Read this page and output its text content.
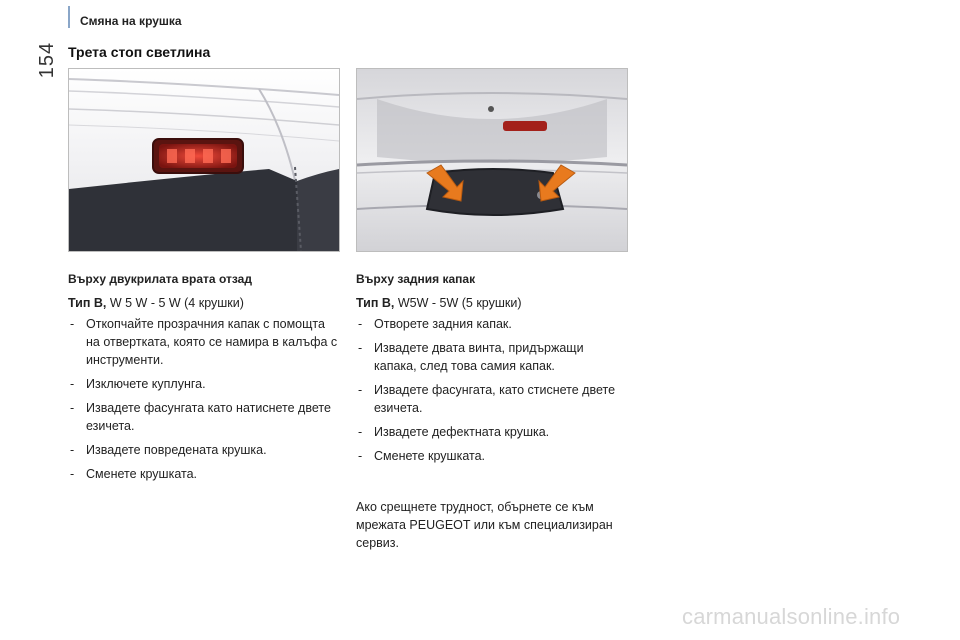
154
Смяна на крушка
Трета стоп светлина
Върху двукрилата врата отзад

Тип B, W 5 W - 5 W (4 крушки)

- Откопчайте прозрачния капак с помощта на отвертката, която се намира в калъфа с инструменти.
- Изключете куплунга.
- Извадете фасунгата като натиснете двете езичета.
- Извадете повредената крушка.
- Сменете крушката.
Върху задния капак

Тип B, W5W - 5W (5 крушки)

- Отворете задния капак.
- Извадете двата винта, придържащи капака, след това самия капак.
- Извадете фасунгата, като стиснете двете езичета.
- Извадете дефектната крушка.
- Сменете крушката.
Ако срещнете трудност, обърнете се към мрежата PEUGEOT или към специализиран сервиз.
carmanualsonline.info
